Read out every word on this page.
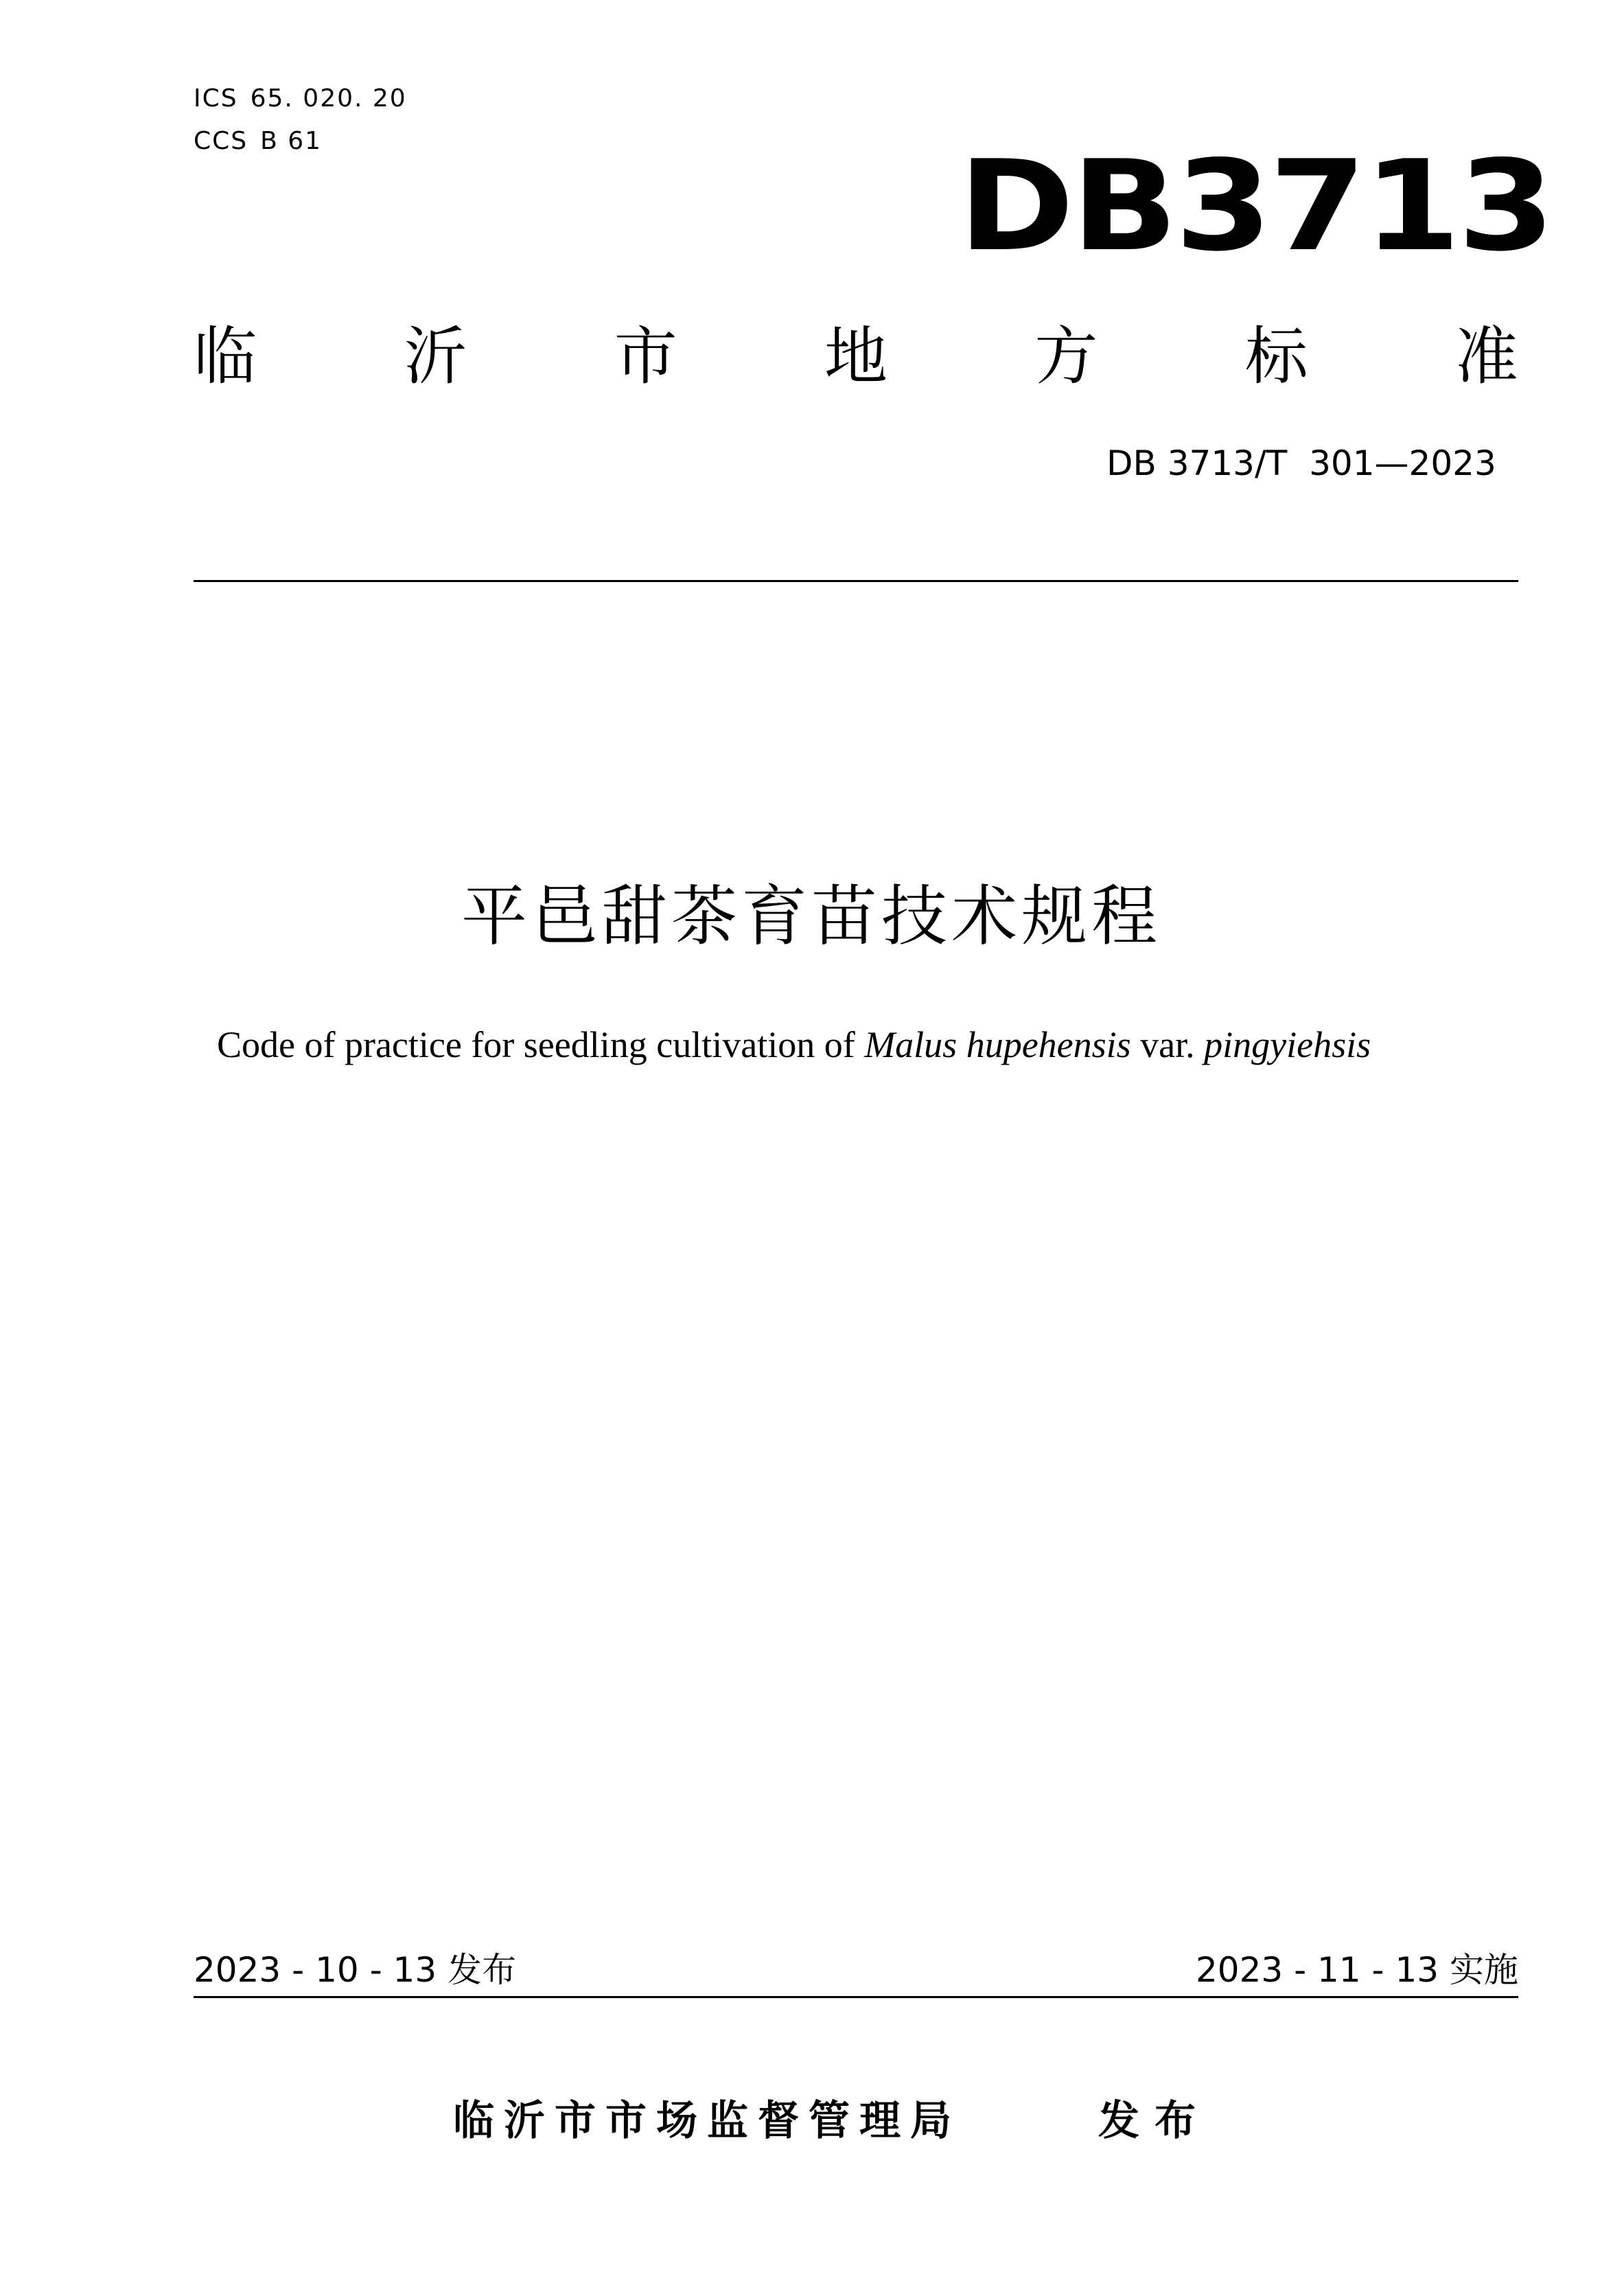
ICS 65. 020. 20
CCS B 61	DB3713
临 沂 市 地 方 标 准
DB 3713/T  301—2023
平邑甜茶育苗技术规程
Code of practice for seedling cultivation of Malus hupehensis var. pingyiehsis
2023 - 10 - 13 发布	2023 - 11 - 13 实施
临沂市市场监督管理局	发布
